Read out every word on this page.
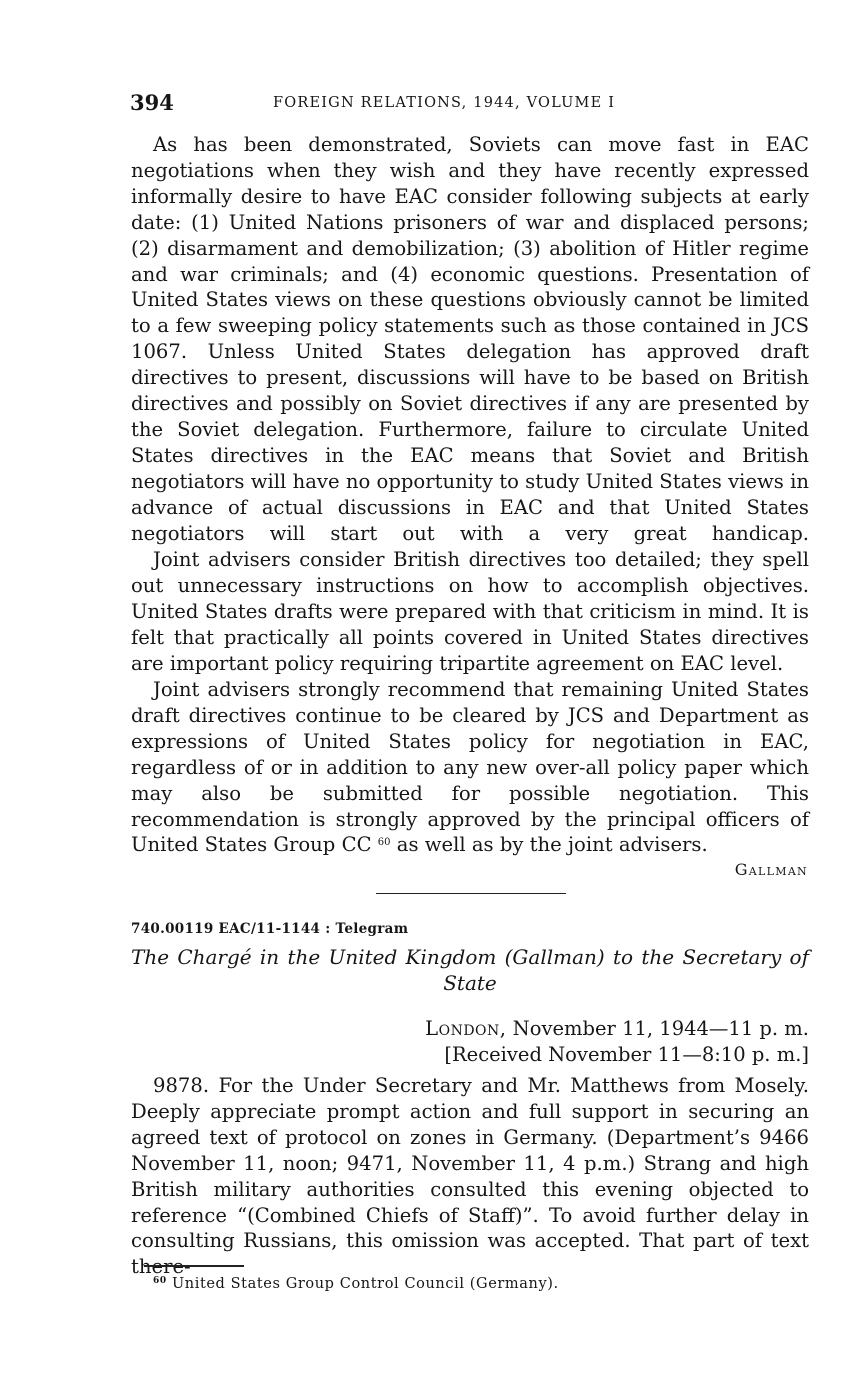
394	FOREIGN RELATIONS, 1944, VOLUME I
As has been demonstrated, Soviets can move fast in EAC negotiations when they wish and they have recently expressed informally desire to have EAC consider following subjects at early date: (1) United Nations prisoners of war and displaced persons; (2) disarmament and demobilization; (3) abolition of Hitler regime and war criminals; and (4) economic questions. Presentation of United States views on these questions obviously cannot be limited to a few sweeping policy statements such as those contained in JCS 1067. Unless United States delegation has approved draft directives to present, discussions will have to be based on British directives and possibly on Soviet directives if any are presented by the Soviet delegation. Furthermore, failure to circulate United States directives in the EAC means that Soviet and British negotiators will have no opportunity to study United States views in advance of actual discussions in EAC and that United States negotiators will start out with a very great handicap.
Joint advisers consider British directives too detailed; they spell out unnecessary instructions on how to accomplish objectives. United States drafts were prepared with that criticism in mind. It is felt that practically all points covered in United States directives are important policy requiring tripartite agreement on EAC level.
Joint advisers strongly recommend that remaining United States draft directives continue to be cleared by JCS and Department as expressions of United States policy for negotiation in EAC, regardless of or in addition to any new over-all policy paper which may also be submitted for possible negotiation. This recommendation is strongly approved by the principal officers of United States Group CC $^{60}$ as well as by the joint advisers.
Gallman
740.00119 EAC/11-1144 : Telegram
The Chargé in the United Kingdom (Gallman) to the Secretary of State
London, November 11, 1944—11 p. m.
[Received November 11—8:10 p. m.]
9878. For the Under Secretary and Mr. Matthews from Mosely. Deeply appreciate prompt action and full support in securing an agreed text of protocol on zones in Germany. (Department’s 9466 November 11, noon; 9471, November 11, 4 p.m.) Strang and high British military authorities consulted this evening objected to reference “(Combined Chiefs of Staff)”. To avoid further delay in consulting Russians, this omission was accepted. That part of text there-
$^{60}$ United States Group Control Council (Germany).
